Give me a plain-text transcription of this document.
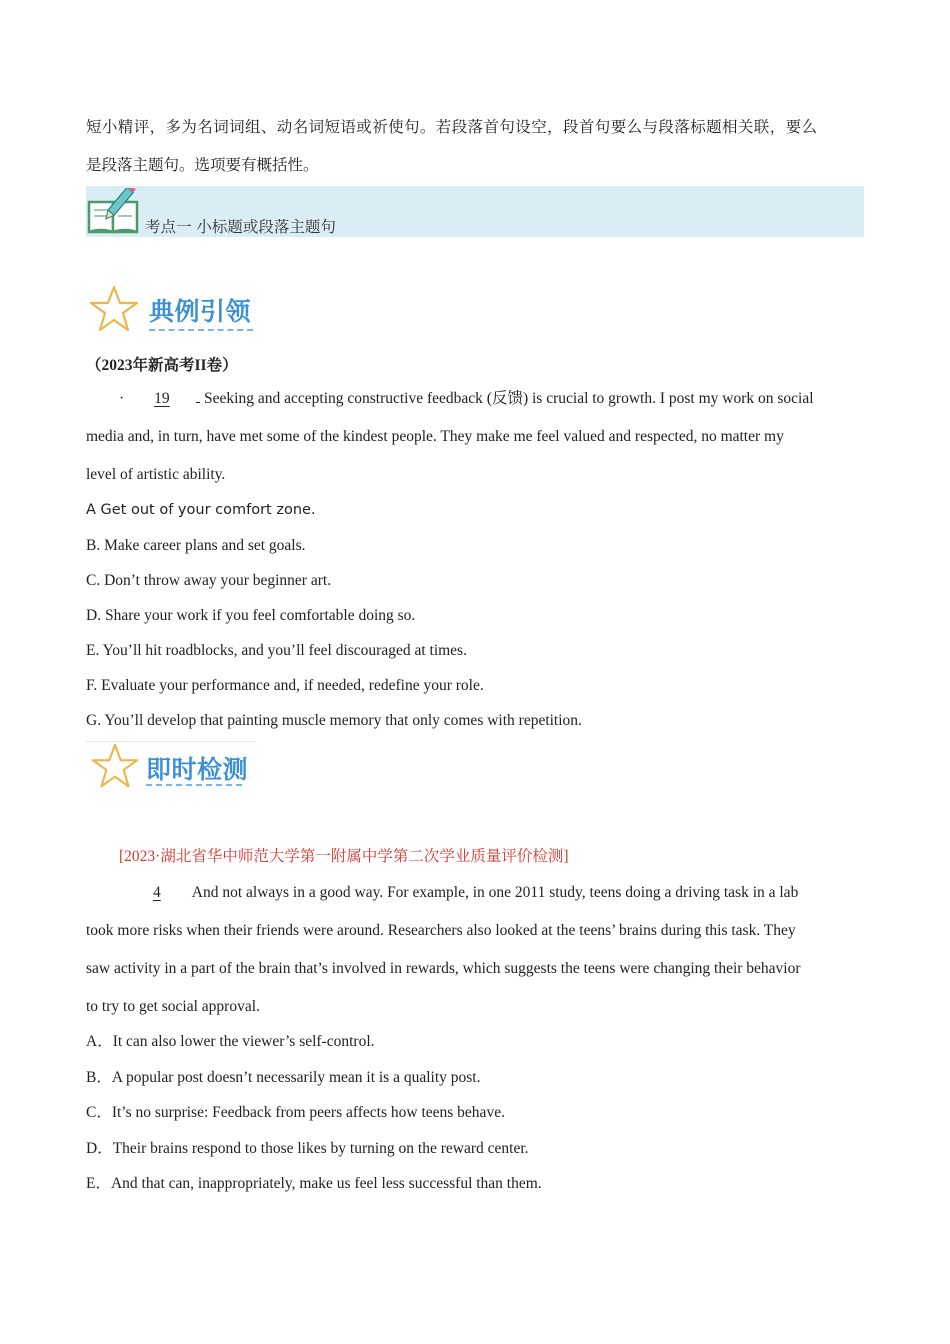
短小精评，多为名词词组、动名词短语或祈使句。若段落首句设空，段首句要么与段落标题相关联，要么
是段落主题句。选项要有概括性。
考点一 小标题或段落主题句
典例引领
（2023年新高考II卷）
· 19 Seeking and accepting constructive feedback (反馈) is crucial to growth. I post my work on social
media and, in turn, have met some of the kindest people. They make me feel valued and respected, no matter my
level of artistic ability.
A Get out of your comfort zone.
B. Make career plans and set goals.
C. Don’t throw away your beginner art.
D. Share your work if you feel comfortable doing so.
E. You’ll hit roadblocks, and you’ll feel discouraged at times.
F. Evaluate your performance and, if needed, redefine your role.
G. You’ll develop that painting muscle memory that only comes with repetition.
即时检测
[2023·湖北省华中师范大学第一附属中学第二次学业质量评价检测]
4 And not always in a good way. For example, in one 2011 study, teens doing a driving task in a lab
took more risks when their friends were around. Researchers also looked at the teens’ brains during this task. They
saw activity in a part of the brain that’s involved in rewards, which suggests the teens were changing their behavior
to try to get social approval.
A．It can also lower the viewer’s self-control.
B．A popular post doesn’t necessarily mean it is a quality post.
C．It’s no surprise: Feedback from peers affects how teens behave.
D．Their brains respond to those likes by turning on the reward center.
E．And that can, inappropriately, make us feel less successful than them.
